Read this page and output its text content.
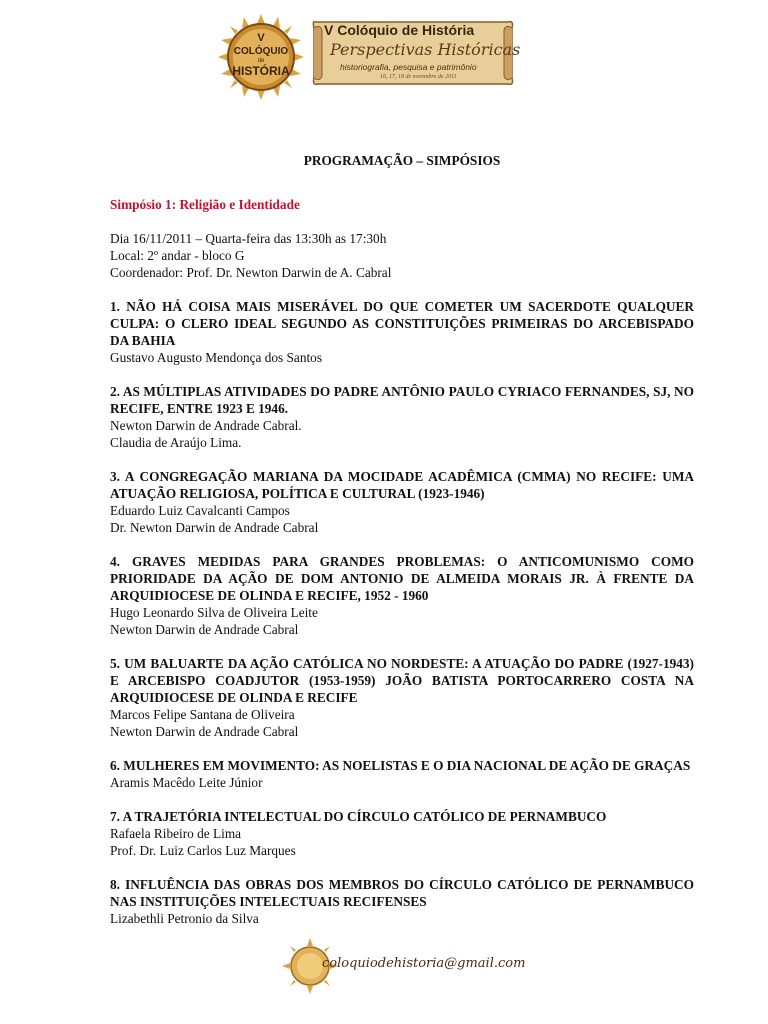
V
COLÓQUIO
de
HISTÓRIA
V Colóquio de História
Perspectivas Históricas
historiografia, pesquisa e patrimônio
16, 17, 18 de novembro de 2011
PROGRAMAÇÃO – SIMPÓSIOS
Simpósio 1: Religião e Identidade

Dia 16/11/2011 – Quarta-feira das 13:30h as 17:30h

Local: 2º andar - bloco G

Coordenador: Prof. Dr. Newton Darwin de A. Cabral

1. NÃO HÁ COISA MAIS MISERÁVEL DO QUE COMETER UM SACERDOTE QUALQUER CULPA: O CLERO IDEAL SEGUNDO AS CONSTITUIÇÕES PRIMEIRAS DO ARCEBISPADO DA BAHIA

Gustavo Augusto Mendonça dos Santos

2. AS MÚLTIPLAS ATIVIDADES DO PADRE ANTÔNIO PAULO CYRIACO FERNANDES, SJ, NO RECIFE, ENTRE 1923 E 1946.

Newton Darwin de Andrade Cabral.

Claudia de Araújo Lima.

3. A CONGREGAÇÃO MARIANA DA MOCIDADE ACADÊMICA (CMMA) NO RECIFE: UMA ATUAÇÃO RELIGIOSA, POLÍTICA E CULTURAL (1923-1946)

Eduardo Luiz Cavalcanti Campos

Dr. Newton Darwin de Andrade Cabral

4. GRAVES MEDIDAS PARA GRANDES PROBLEMAS: O ANTICOMUNISMO COMO PRIORIDADE DA AÇÃO DE DOM ANTONIO DE ALMEIDA MORAIS JR. À FRENTE DA ARQUIDIOCESE DE OLINDA E RECIFE, 1952 - 1960

Hugo Leonardo Silva de Oliveira Leite

Newton Darwin de Andrade Cabral

5. UM BALUARTE DA AÇÃO CATÓLICA NO NORDESTE: A ATUAÇÃO DO PADRE (1927-1943) E ARCEBISPO COADJUTOR (1953-1959) JOÃO BATISTA PORTOCARRERO COSTA NA ARQUIDIOCESE DE OLINDA E RECIFE

Marcos Felipe Santana de Oliveira

Newton Darwin de Andrade Cabral

6. MULHERES EM MOVIMENTO: AS NOELISTAS E O DIA NACIONAL DE AÇÃO DE GRAÇAS

Aramis Macêdo Leite Júnior

7. A TRAJETÓRIA INTELECTUAL DO CÍRCULO CATÓLICO DE PERNAMBUCO

Rafaela Ribeiro de Lima

Prof. Dr. Luiz Carlos Luz Marques

8. INFLUÊNCIA DAS OBRAS DOS MEMBROS DO CÍRCULO CATÓLICO DE PERNAMBUCO NAS INSTITUIÇÕES INTELECTUAIS RECIFENSES

Lizabethli Petronio da Silva

coloquiodehistoria@gmail.com
